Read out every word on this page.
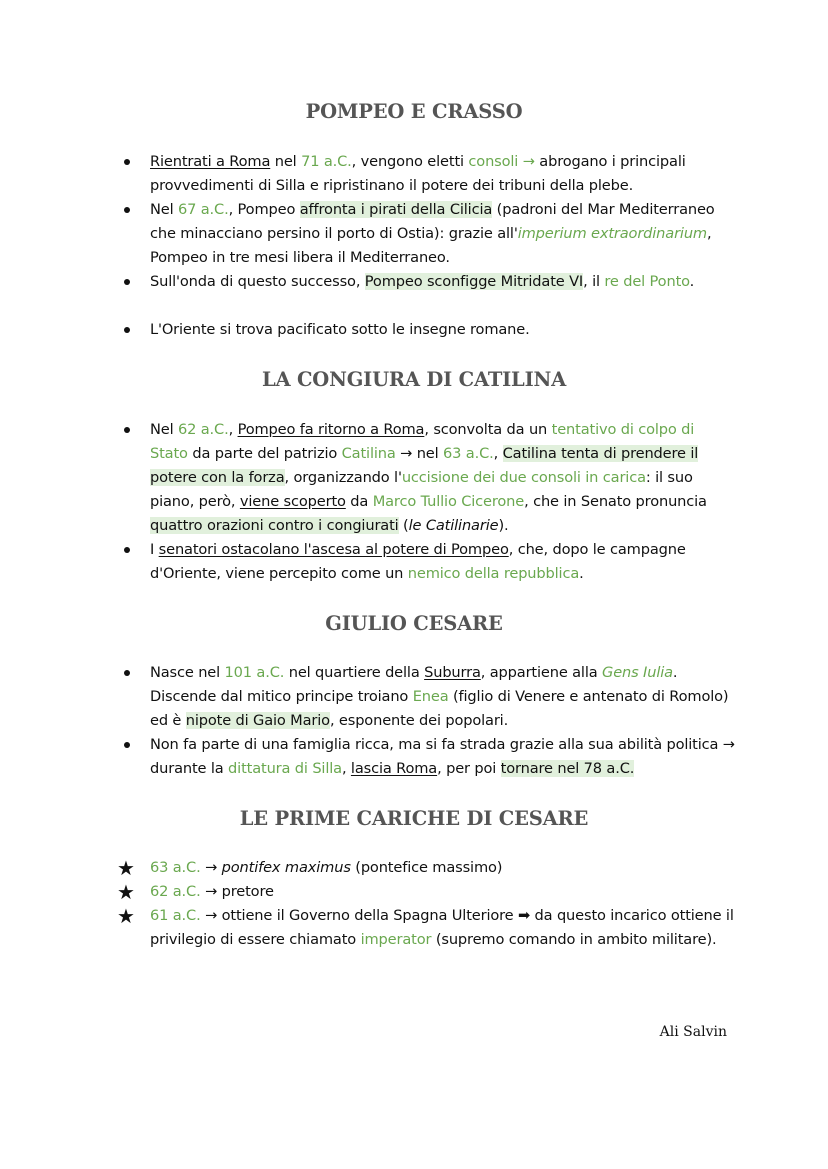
POMPEO E CRASSO
Rientrati a Roma nel 71 a.C., vengono eletti consoli → abrogano i principali provvedimenti di Silla e ripristinano il potere dei tribuni della plebe.
Nel 67 a.C., Pompeo affronta i pirati della Cilicia (padroni del Mar Mediterraneo che minacciano persino il porto di Ostia): grazie all'imperium extraordinarium, Pompeo in tre mesi libera il Mediterraneo.
Sull'onda di questo successo, Pompeo sconfigge Mitridate VI, il re del Ponto.
L'Oriente si trova pacificato sotto le insegne romane.
LA CONGIURA DI CATILINA
Nel 62 a.C., Pompeo fa ritorno a Roma, sconvolta da un tentativo di colpo di Stato da parte del patrizio Catilina → nel 63 a.C., Catilina tenta di prendere il potere con la forza, organizzando l'uccisione dei due consoli in carica: il suo piano, però, viene scoperto da Marco Tullio Cicerone, che in Senato pronuncia quattro orazioni contro i congiurati (le Catilinarie).
I senatori ostacolano l'ascesa al potere di Pompeo, che, dopo le campagne d'Oriente, viene percepito come un nemico della repubblica.
GIULIO CESARE
Nasce nel 101 a.C. nel quartiere della Suburra, appartiene alla Gens Iulia. Discende dal mitico principe troiano Enea (figlio di Venere e antenato di Romolo) ed è nipote di Gaio Mario, esponente dei popolari.
Non fa parte di una famiglia ricca, ma si fa strada grazie alla sua abilità politica → durante la dittatura di Silla, lascia Roma, per poi tornare nel 78 a.C.
LE PRIME CARICHE DI CESARE
★ 63 a.C. → pontifex maximus (pontefice massimo)
★ 62 a.C. → pretore
★ 61 a.C. → ottiene il Governo della Spagna Ulteriore ➡ da questo incarico ottiene il privilegio di essere chiamato imperator (supremo comando in ambito militare).
Ali Salvin
